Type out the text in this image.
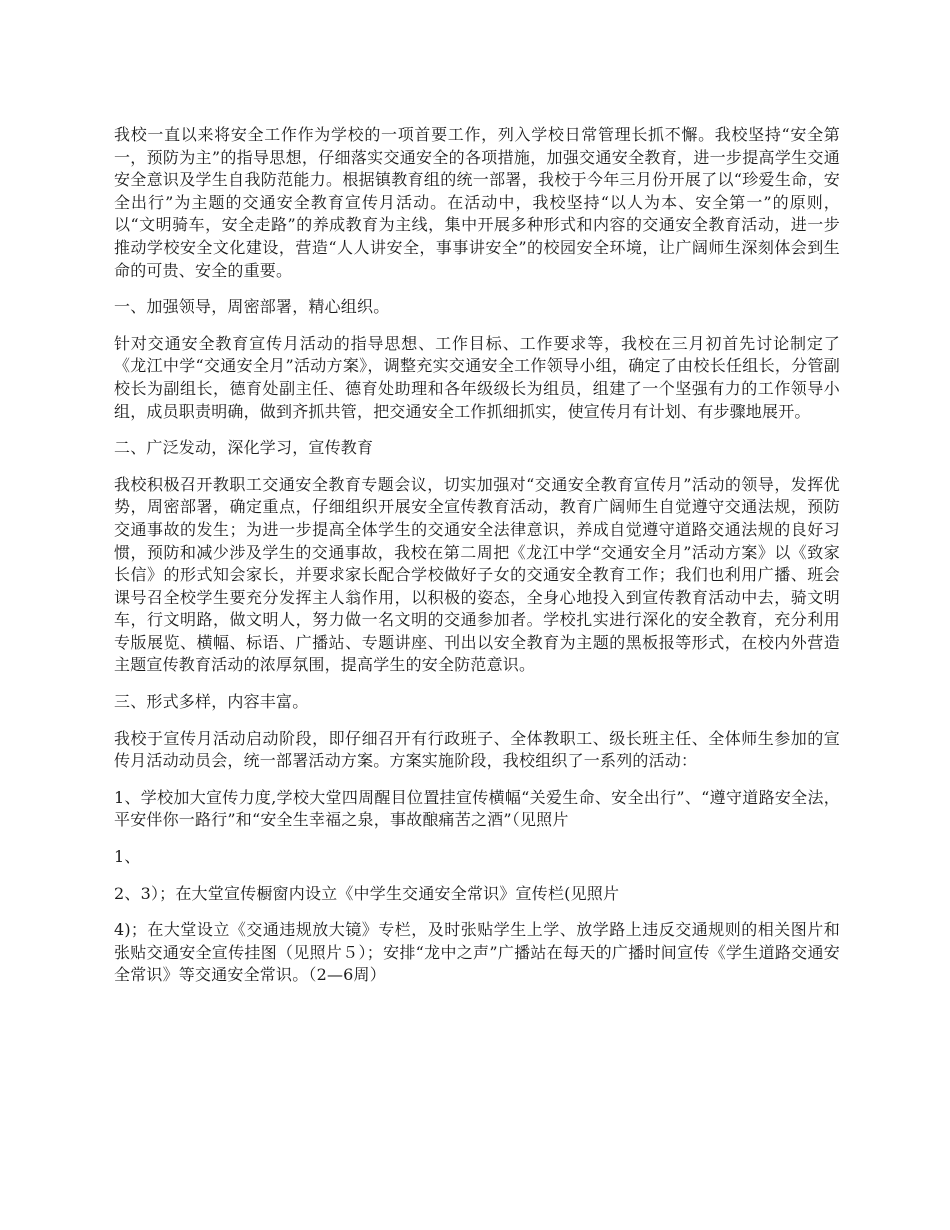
我校一直以来将安全工作作为学校的一项首要工作，列入学校日常管理长抓不懈。我校坚持“安全第一，预防为主”的指导思想，仔细落实交通安全的各项措施，加强交通安全教育，进一步提高学生交通安全意识及学生自我防范能力。根据镇教育组的统一部署，我校于今年三月份开展了以“珍爱生命，安全出行”为主题的交通安全教育宣传月活动。在活动中，我校坚持“以人为本、安全第一”的原则，以“文明骑车，安全走路”的养成教育为主线，集中开展多种形式和内容的交通安全教育活动，进一步推动学校安全文化建设，营造“人人讲安全，事事讲安全”的校园安全环境，让广阔师生深刻体会到生命的可贵、安全的重要。

一、加强领导，周密部署，精心组织。

针对交通安全教育宣传月活动的指导思想、工作目标、工作要求等，我校在三月初首先讨论制定了《龙江中学“交通安全月”活动方案》，调整充实交通安全工作领导小组，确定了由校长任组长，分管副校长为副组长，德育处副主任、德育处助理和各年级级长为组员，组建了一个坚强有力的工作领导小组，成员职责明确，做到齐抓共管，把交通安全工作抓细抓实，使宣传月有计划、有步骤地展开。

二、广泛发动，深化学习，宣传教育

我校积极召开教职工交通安全教育专题会议，切实加强对“交通安全教育宣传月”活动的领导，发挥优势，周密部署，确定重点，仔细组织开展安全宣传教育活动，教育广阔师生自觉遵守交通法规，预防交通事故的发生；为进一步提高全体学生的交通安全法律意识，养成自觉遵守道路交通法规的良好习惯，预防和减少涉及学生的交通事故，我校在第二周把《龙江中学“交通安全月”活动方案》以《致家长信》的形式知会家长，并要求家长配合学校做好子女的交通安全教育工作；我们也利用广播、班会课号召全校学生要充分发挥主人翁作用，以积极的姿态，全身心地投入到宣传教育活动中去，骑文明车，行文明路，做文明人，努力做一名文明的交通参加者。学校扎实进行深化的安全教育，充分利用专版展览、横幅、标语、广播站、专题讲座、刊出以安全教育为主题的黑板报等形式，在校内外营造主题宣传教育活动的浓厚氛围，提高学生的安全防范意识。

三、形式多样，内容丰富。

我校于宣传月活动启动阶段，即仔细召开有行政班子、全体教职工、级长班主任、全体师生参加的宣传月活动动员会，统一部署活动方案。方案实施阶段，我校组织了一系列的活动：

1、学校加大宣传力度,学校大堂四周醒目位置挂宣传横幅“关爱生命、安全出行”、“遵守道路安全法，平安伴你一路行”和“安全生幸福之泉，事故酿痛苦之酒”（见照片

1、

2、3）；在大堂宣传橱窗内设立《中学生交通安全常识》宣传栏(见照片

4)；在大堂设立《交通违规放大镜》专栏，及时张贴学生上学、放学路上违反交通规则的相关图片和张贴交通安全宣传挂图（见照片５）；安排“龙中之声”广播站在每天的广播时间宣传《学生道路交通安全常识》等交通安全常识。（2—6周）
